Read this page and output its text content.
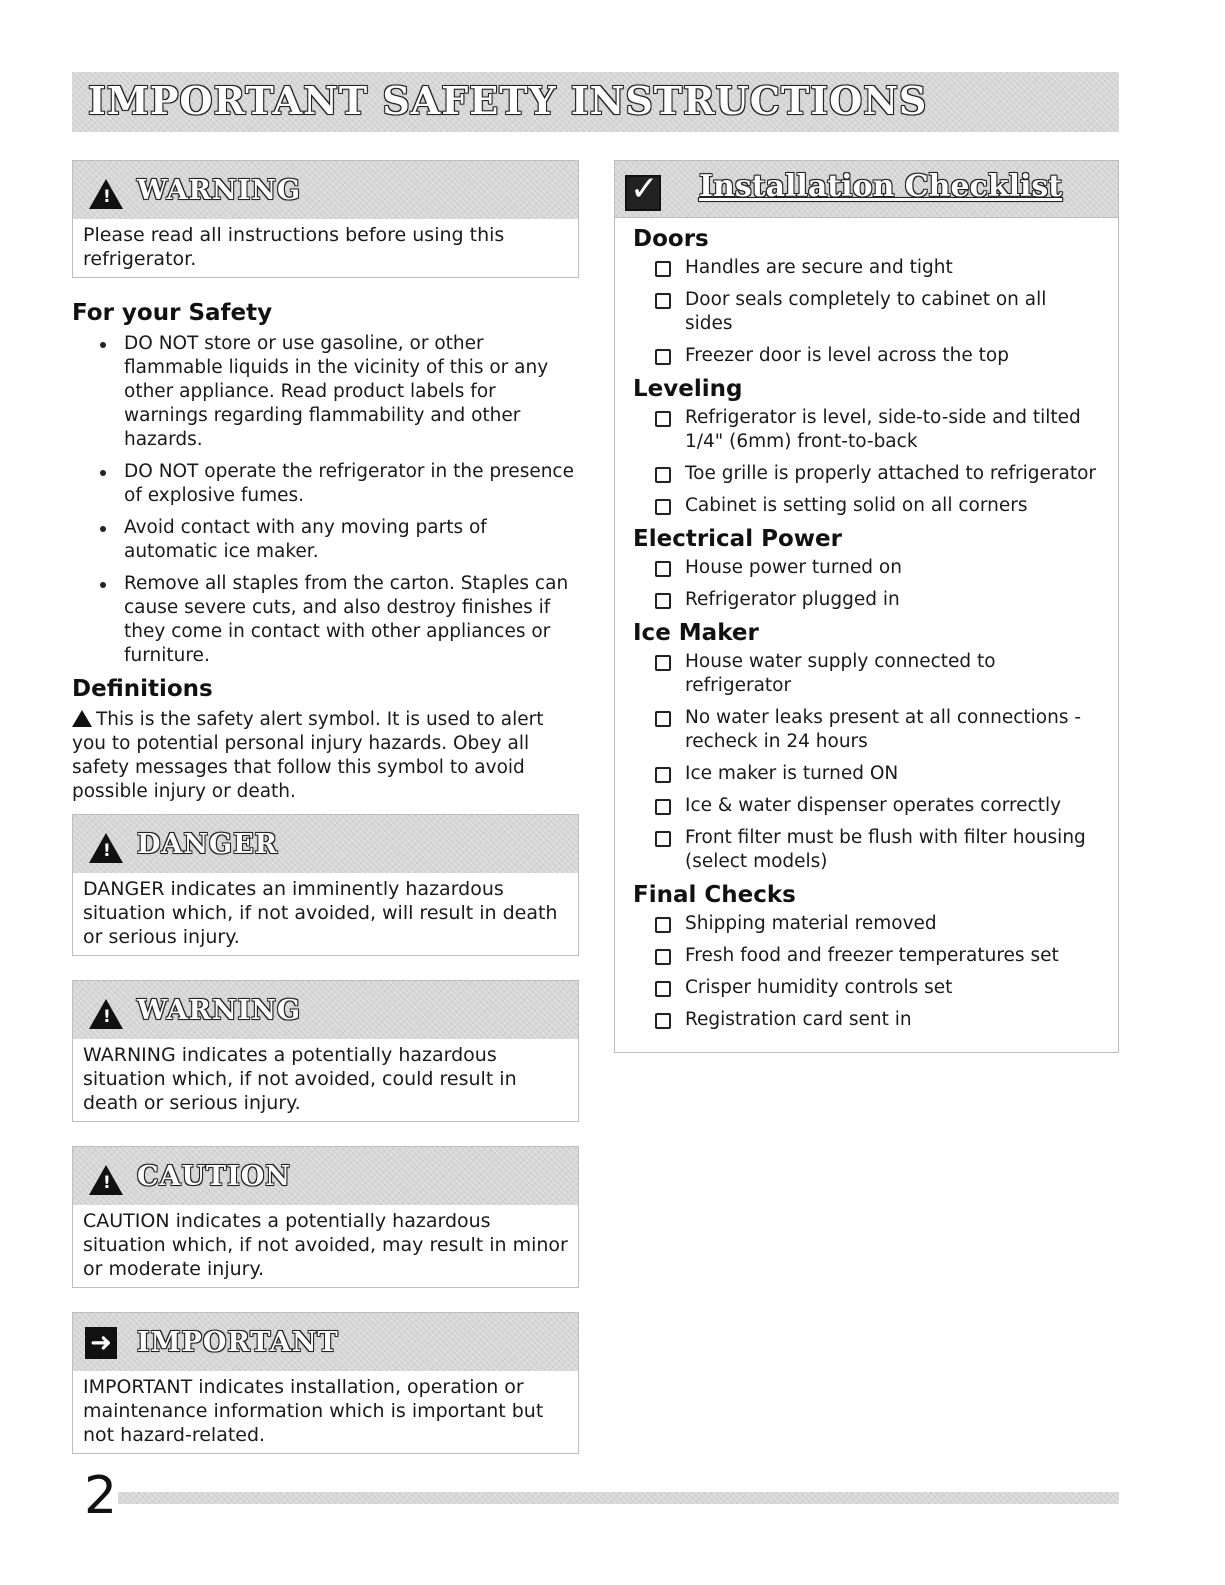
IMPORTANT SAFETY INSTRUCTIONS
! WARNING
Please read all instructions before using this refrigerator.
For your Safety
DO NOT store or use gasoline, or other flammable liquids in the vicinity of this or any other appliance. Read product labels for warnings regarding flammability and other hazards.
DO NOT operate the refrigerator in the presence of explosive fumes.
Avoid contact with any moving parts of automatic ice maker.
Remove all staples from the carton. Staples can cause severe cuts, and also destroy finishes if they come in contact with other appliances or furniture.
Definitions

This is the safety alert symbol. It is used to alert you to potential personal injury hazards. Obey all safety messages that follow this symbol to avoid possible injury or death.

! DANGER
DANGER indicates an imminently hazardous situation which, if not avoided, will result in death or serious injury.
! WARNING
WARNING indicates a potentially hazardous situation which, if not avoided, could result in death or serious injury.
! CAUTION
CAUTION indicates a potentially hazardous situation which, if not avoided, may result in minor or moderate injury.
➜ IMPORTANT
IMPORTANT indicates installation, operation or maintenance information which is important but not hazard-related.
✓
Installation Checklist
Doors
Handles are secure and tight
Door seals completely to cabinet on all sides
Freezer door is level across the top
Leveling
Refrigerator is level, side-to-side and tilted 1/4" (6mm) front-to-back
Toe grille is properly attached to refrigerator
Cabinet is setting solid on all corners
Electrical Power
House power turned on
Refrigerator plugged in
Ice Maker
House water supply connected to refrigerator
No water leaks present at all connections - recheck in 24 hours
Ice maker is turned ON
Ice & water dispenser operates correctly
Front filter must be flush with filter housing (select models)
Final Checks
Shipping material removed
Fresh food and freezer temperatures set
Crisper humidity controls set
Registration card sent in
2
